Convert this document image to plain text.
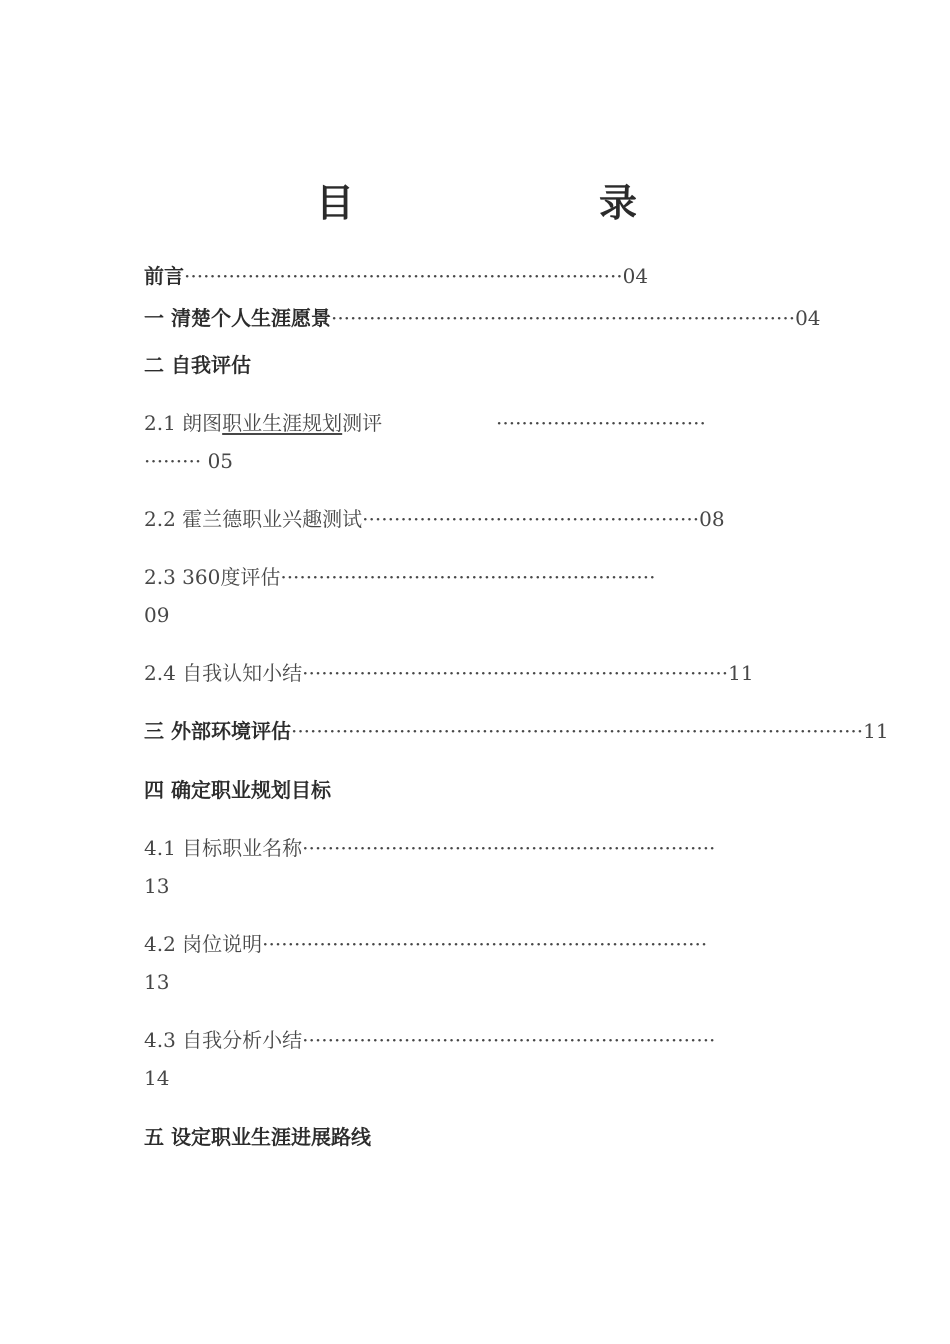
目	录
前言·····································································04
一 清楚个人生涯愿景·········································································04
二 自我评估
2.1 朗图职业生涯规划测评	·································
········· 05
2.2 霍兰德职业兴趣测试·····················································08
2.3 360度评估···························································
09
2.4 自我认知小结···································································11
三 外部环境评估··························································································11
四 确定职业规划目标
4.1 目标职业名称·································································
13
4.2 岗位说明······································································
13
4.3 自我分析小结·································································
14
五 设定职业生涯进展路线
